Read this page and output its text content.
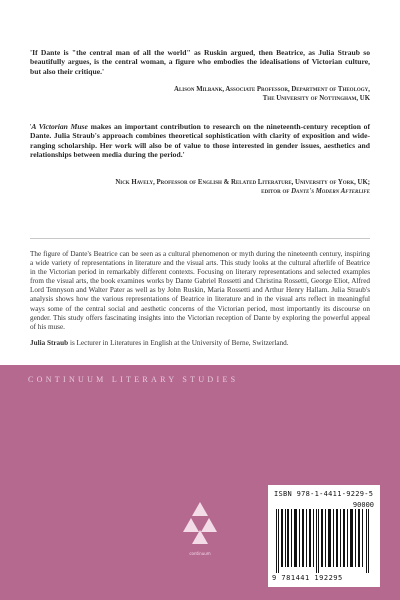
'If Dante is "the central man of all the world" as Ruskin argued, then Beatrice, as Julia Straub so beautifully argues, is the central woman, a figure who embodies the idealisations of Victorian culture, but also their critique.'
Alison Milbank, Associate Professor, Department of Theology,
The University of Nottingham, UK
'A Victorian Muse makes an important contribution to research on the nineteenth-century reception of Dante. Julia Straub's approach combines theoretical sophistication with clarity of exposition and wide-ranging scholarship. Her work will also be of value to those interested in gender issues, aesthetics and relationships between media during the period.'
Nick Havely, Professor of English & Related Literature, University of York, UK;
editor of Dante's Modern Afterlife
The figure of Dante's Beatrice can be seen as a cultural phenomenon or myth during the nineteenth century, inspiring a wide variety of representations in literature and the visual arts. This study looks at the cultural afterlife of Beatrice in the Victorian period in remarkably different contexts. Focusing on literary representations and selected examples from the visual arts, the book examines works by Dante Gabriel Rossetti and Christina Rossetti, George Eliot, Alfred Lord Tennyson and Walter Pater as well as by John Ruskin, Maria Rossetti and Arthur Henry Hallam. Julia Straub's analysis shows how the various representations of Beatrice in literature and in the visual arts reflect in meaningful ways some of the central social and aesthetic concerns of the Victorian period, most importantly its discourse on gender. This study offers fascinating insights into the Victorian reception of Dante by exploring the powerful appeal of his muse.
Julia Straub is Lecturer in Literatures in English at the University of Berne, Switzerland.
CONTINUUM LITERARY STUDIES
continuum
ISBN 978-1-4411-9229-5
90000
9 781441 192295
